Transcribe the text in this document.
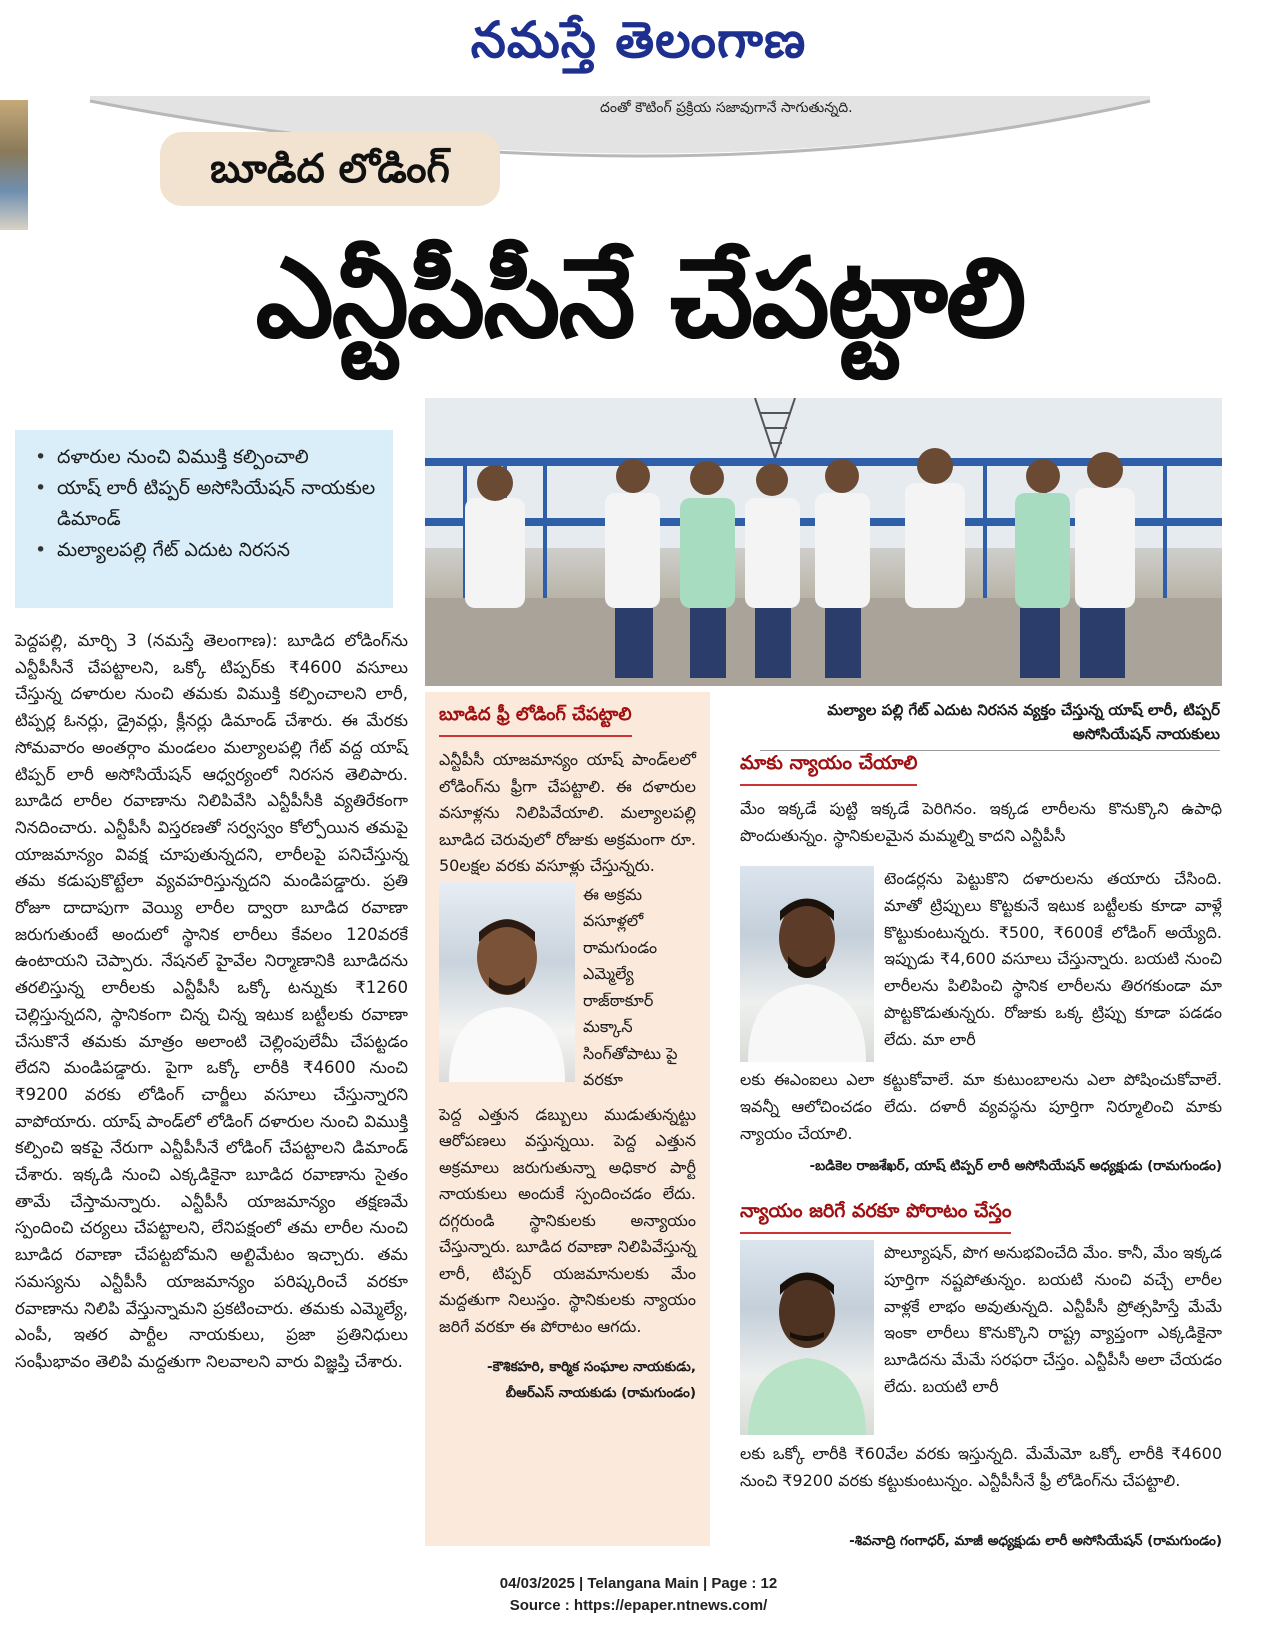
నమస్తే తెలంగాణ
దంతో కౌటింగ్ ప్రక్రియ సజావుగానే సాగుతున్నది.
బూడిద లోడింగ్
ఎన్టీపీసీనే చేపట్టాలి
• దళారుల నుంచి విముక్తి కల్పించాలి
• యాష్ లారీ టిప్పర్ అసోసియేషన్ నాయకుల డిమాండ్
• మల్యాలపల్లి గేట్ ఎదుట నిరసన
మల్యాల పల్లి గేట్ ఎదుట నిరసన వ్యక్తం చేస్తున్న యాష్ లారీ, టిప్పర్ అసోసియేషన్ నాయకులు
పెద్దపల్లి, మార్చి 3 (నమస్తే తెలంగాణ): బూడిద లోడింగ్‌ను ఎన్టీపీసీనే చేపట్టాలని, ఒక్కో టిప్పర్‌కు ₹4600 వసూలు చేస్తున్న దళారుల నుంచి తమకు విముక్తి కల్పించాలని లారీ, టిప్పర్ల ఓనర్లు, డ్రైవర్లు, క్లీనర్లు డిమాండ్ చేశారు. ఈ మేరకు సోమవారం అంతర్గాం మండలం మల్యాలపల్లి గేట్ వద్ద యాష్ టిప్పర్ లారీ అసోసియేషన్ ఆధ్వర్యంలో నిరసన తెలిపారు. బూడిద లారీల రవాణాను నిలిపివేసి ఎన్టీపీసీకి వ్యతిరేకంగా నినదించారు. ఎన్టీపీసీ విస్తరణతో సర్వస్వం కోల్పోయిన తమపై యాజమాన్యం వివక్ష చూపుతున్నదని, లారీలపై పనిచేస్తున్న తమ కడుపుకొట్టేలా వ్యవహరిస్తున్నదని మండిపడ్డారు. ప్రతి రోజూ దాదాపుగా వెయ్యి లారీల ద్వారా బూడిద రవాణా జరుగుతుంటే అందులో స్థానిక లారీలు కేవలం 120వరకే ఉంటాయని చెప్పారు. నేషనల్ హైవేల నిర్మాణానికి బూడిదను తరలిస్తున్న లారీలకు ఎన్టీపీసీ ఒక్కో టన్నుకు ₹1260 చెల్లిస్తున్నదని, స్థానికంగా చిన్న చిన్న ఇటుక బట్టీలకు రవాణా చేసుకొనే తమకు మాత్రం అలాంటి చెల్లింపులేమీ చేపట్టడం లేదని మండిపడ్డారు. పైగా ఒక్కో లారీకి ₹4600 నుంచి ₹9200 వరకు లోడింగ్ చార్జీలు వసూలు చేస్తున్నారని వాపోయారు. యాష్ పాండ్‌లో లోడింగ్ దళారుల నుంచి విముక్తి కల్పించి ఇకపై నేరుగా ఎన్టీపీసీనే లోడింగ్ చేపట్టాలని డిమాండ్ చేశారు. ఇక్కడి నుంచి ఎక్కడికైనా బూడిద రవాణాను సైతం తామే చేస్తామన్నారు. ఎన్టీపీసీ యాజమాన్యం తక్షణమే స్పందించి చర్యలు చేపట్టాలని, లేనిపక్షంలో తమ లారీల నుంచి బూడిద రవాణా చేపట్టబోమని అల్టిమేటం ఇచ్చారు. తమ సమస్యను ఎన్టీపీసీ యాజమాన్యం పరిష్కరించే వరకూ రవాణాను నిలిపి వేస్తున్నామని ప్రకటించారు. తమకు ఎమ్మెల్యే, ఎంపీ, ఇతర పార్టీల నాయకులు, ప్రజా ప్రతినిధులు సంఘీభావం తెలిపి మద్దతుగా నిలవాలని వారు విజ్ఞప్తి చేశారు.
బూడిద ఫ్రీ లోడింగ్ చేపట్టాలి
ఎన్టీపీసీ యాజమాన్యం యాష్ పాండ్‌లలో లోడింగ్‌ను ఫ్రీగా చేపట్టాలి. ఈ దళారుల వసూళ్లను నిలిపివేయాలి. మల్యాలపల్లి బూడిద చెరువులో రోజుకు అక్రమంగా రూ. 50లక్షల వరకు వసూళ్లు చేస్తున్నరు.
ఈ అక్రమ వసూళ్లలో రామగుండం ఎమ్మెల్యే రాజ్‌ఠాకూర్ మక్కాన్ సింగ్‌తోపాటు పై వరకూ
పెద్ద ఎత్తున డబ్బులు ముడుతున్నట్టు ఆరోపణలు వస్తున్నయి. పెద్ద ఎత్తున అక్రమాలు జరుగుతున్నా అధికార పార్టీ నాయకులు అందుకే స్పందించడం లేదు. దగ్గరుండి స్థానికులకు అన్యాయం చేస్తున్నారు. బూడిద రవాణా నిలిపివేస్తున్న లారీ, టిప్పర్ యజమానులకు మేం మద్దతుగా నిలుస్తం. స్థానికులకు న్యాయం జరిగే వరకూ ఈ పోరాటం ఆగదు.
-కౌశికహరి, కార్మిక సంఘాల నాయకుడు,
బీఆర్ఎస్ నాయకుడు (రామగుండం)
మాకు న్యాయం చేయాలి
మేం ఇక్కడే పుట్టి ఇక్కడే పెరిగినం. ఇక్కడ లారీలను కొనుక్కొని ఉపాధి పొందుతున్నం. స్థానికులమైన మమ్మల్ని కాదని ఎన్టీపీసీ
టెండర్లను పెట్టుకొని దళారులను తయారు చేసింది. మాతో ట్రిప్పులు కొట్టకునే ఇటుక బట్టీలకు కూడా వాళ్లే కొట్టుకుంటున్నరు. ₹500, ₹600కే లోడింగ్ అయ్యేది. ఇప్పుడు ₹4,600 వసూలు చేస్తున్నారు. బయటి నుంచి లారీలను పిలిపించి స్థానిక లారీలను తిరగకుండా మా పొట్టకొడుతున్నరు. రోజుకు ఒక్క ట్రిప్పు కూడా పడడం లేదు. మా లారీ
లకు ఈఎంఐలు ఎలా కట్టుకోవాలే. మా కుటుంబాలను ఎలా పోషించుకోవాలే. ఇవన్నీ ఆలోచించడం లేదు. దళారీ వ్యవస్థను పూర్తిగా నిర్మూలించి మాకు న్యాయం చేయాలి.
-బడికెల రాజశేఖర్, యాష్ టిప్పర్ లారీ అసోసియేషన్ అధ్యక్షుడు (రామగుండం)
న్యాయం జరిగే వరకూ పోరాటం చేస్తం
పొల్యూషన్, పొగ అనుభవించేది మేం. కానీ, మేం ఇక్కడ పూర్తిగా నష్టపోతున్నం. బయటి నుంచి వచ్చే లారీల వాళ్లకే లాభం అవుతున్నది. ఎన్టీపీసీ ప్రోత్సహిస్తే మేమే ఇంకా లారీలు కొనుక్కొని రాష్ట్ర వ్యాప్తంగా ఎక్కడికైనా బూడిదను మేమే సరఫరా చేస్తం. ఎన్టీపీసీ అలా చేయడం లేదు. బయటి లారీ
లకు ఒక్కో లారీకి ₹60వేల వరకు ఇస్తున్నది. మేమేమో ఒక్కో లారీకి ₹4600 నుంచి ₹9200 వరకు కట్టుకుంటున్నం. ఎన్టీపీసీనే ఫ్రీ లోడింగ్‌ను చేపట్టాలి.
-శివనాద్రి గంగాధర్, మాజీ అధ్యక్షుడు లారీ అసోసియేషన్ (రామగుండం)
04/03/2025 | Telangana Main | Page : 12
Source : https://epaper.ntnews.com/
